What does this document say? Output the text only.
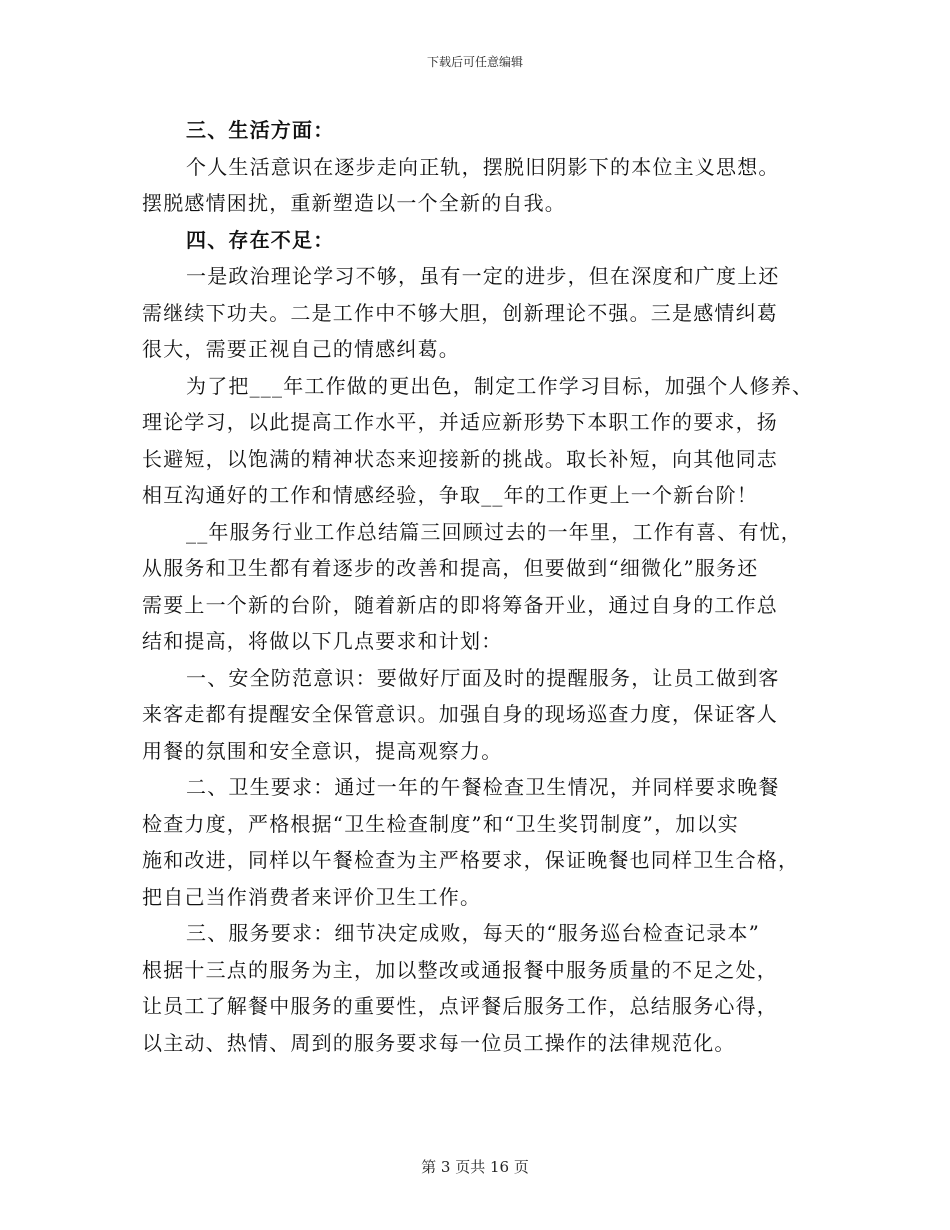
下载后可任意编辑
三、生活方面：
个人生活意识在逐步走向正轨，摆脱旧阴影下的本位主义思想。
摆脱感情困扰，重新塑造以一个全新的自我。
四、存在不足：
一是政治理论学习不够，虽有一定的进步，但在深度和广度上还
需继续下功夫。二是工作中不够大胆，创新理论不强。三是感情纠葛
很大，需要正视自己的情感纠葛。
为了把___年工作做的更出色，制定工作学习目标，加强个人修养、
理论学习，以此提高工作水平，并适应新形势下本职工作的要求，扬
长避短，以饱满的精神状态来迎接新的挑战。取长补短，向其他同志
相互沟通好的工作和情感经验，争取__年的工作更上一个新台阶！
__年服务行业工作总结篇三回顾过去的一年里，工作有喜、有忧，
从服务和卫生都有着逐步的改善和提高，但要做到“细微化”服务还
需要上一个新的台阶，随着新店的即将筹备开业，通过自身的工作总
结和提高，将做以下几点要求和计划：
一、安全防范意识：要做好厅面及时的提醒服务，让员工做到客
来客走都有提醒安全保管意识。加强自身的现场巡查力度，保证客人
用餐的氛围和安全意识，提高观察力。
二、卫生要求：通过一年的午餐检查卫生情况，并同样要求晚餐
检查力度，严格根据“卫生检查制度”和“卫生奖罚制度”，加以实
施和改进，同样以午餐检查为主严格要求，保证晚餐也同样卫生合格，
把自己当作消费者来评价卫生工作。
三、服务要求：细节决定成败，每天的“服务巡台检查记录本”
根据十三点的服务为主，加以整改或通报餐中服务质量的不足之处，
让员工了解餐中服务的重要性，点评餐后服务工作，总结服务心得，
以主动、热情、周到的服务要求每一位员工操作的法律规范化。
第 3 页共 16 页
